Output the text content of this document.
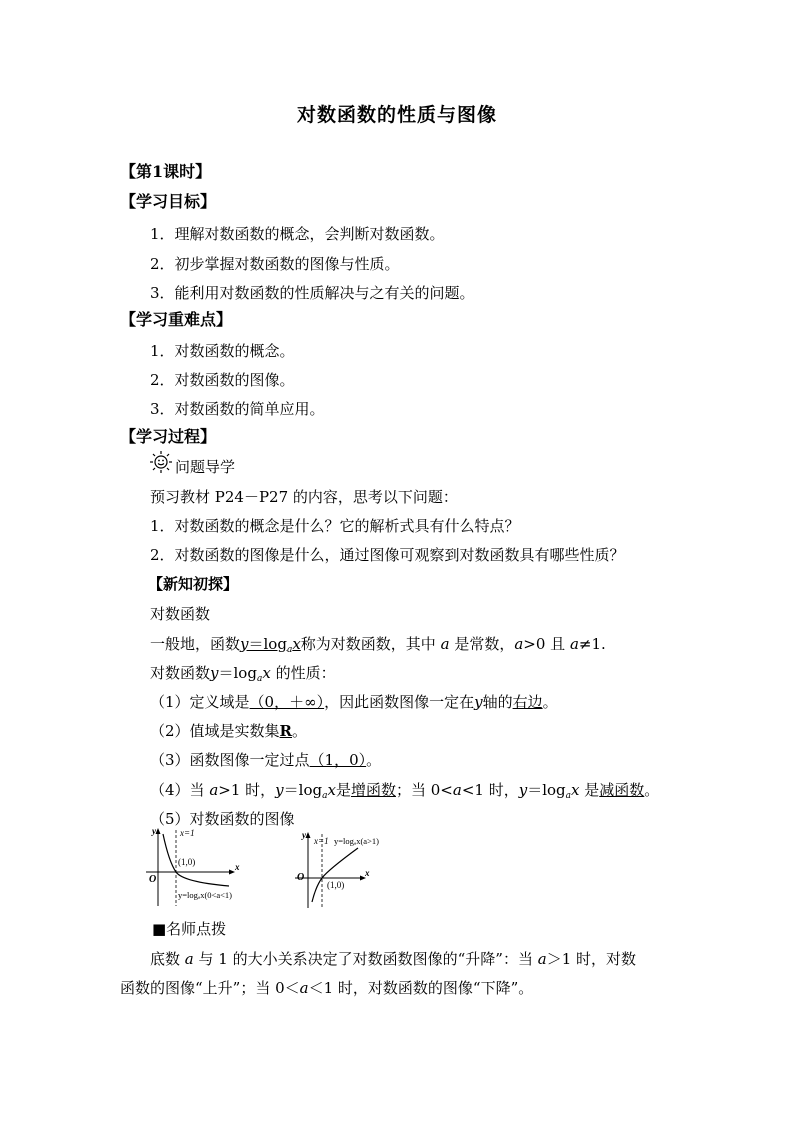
对数函数的性质与图像
【第1课时】
【学习目标】
1．理解对数函数的概念，会判断对数函数。
2．初步掌握对数函数的图像与性质。
3．能利用对数函数的性质解决与之有关的问题。
【学习重难点】
1．对数函数的概念。
2．对数函数的图像。
3．对数函数的简单应用。
【学习过程】
问题导学
预习教材 P24－P27 的内容，思考以下问题：
1．对数函数的概念是什么？它的解析式具有什么特点？
2．对数函数的图像是什么，通过图像可观察到对数函数具有哪些性质？
【新知初探】
对数函数
一般地，函数$y=\log_ax$称为对数函数，其中 a 是常数，a>0 且 a≠1.
对数函数$y=\log_ax$ 的性质：
（1）定义域是（0，＋∞），因此函数图像一定在y轴的右边。
（2）值域是实数集R。
（3）函数图像一定过点（1，0）。
（4）当 a>1 时，$y=\log_ax$是增函数；当 0<a<1 时，$y=\log_ax$ 是减函数。
（5）对数函数的图像
y
x
O
x=1
(1,0)
y=logₐx(0<a<1)
y
x
O
x=1 y=logₐx(a>1)
(1,0)
■名师点拨
底数 a 与 1 的大小关系决定了对数函数图像的“升降”：当 a＞1 时，对数
函数的图像“上升”；当 0＜a＜1 时，对数函数的图像“下降”。
